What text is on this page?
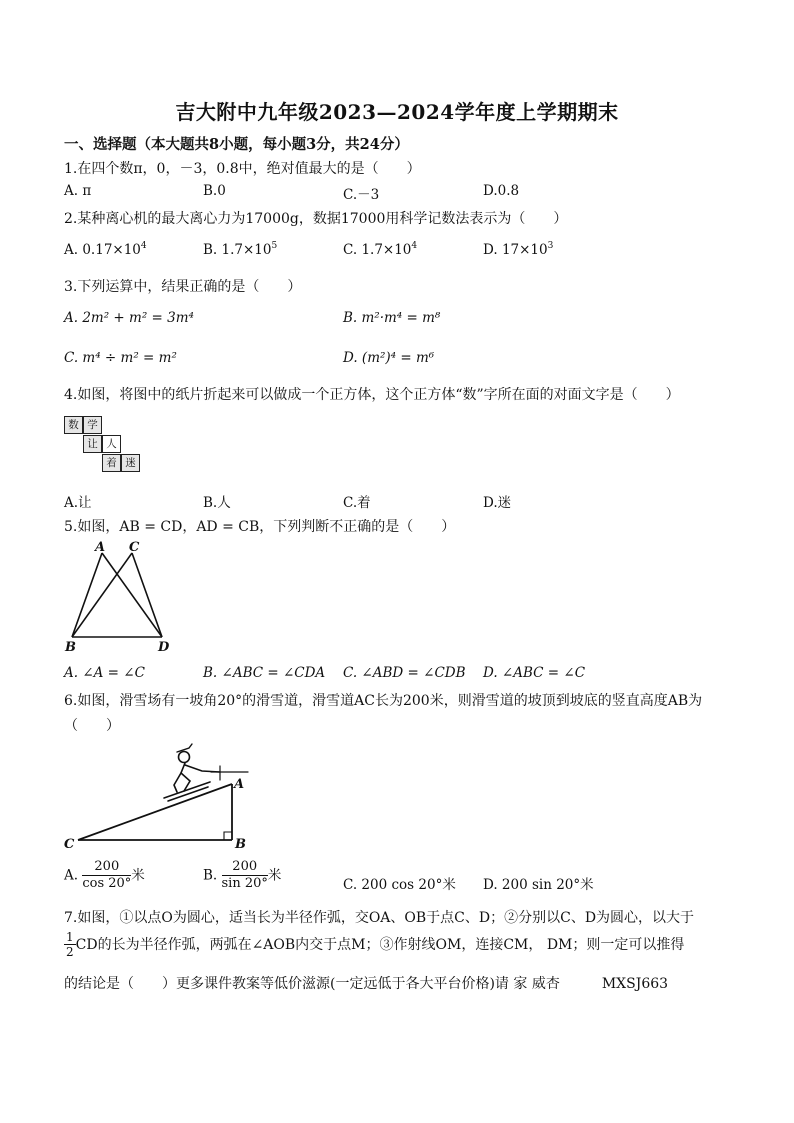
吉大附中九年级2023—2024学年度上学期期末
一、选择题（本大题共8小题，每小题3分，共24分）
1.在四个数π，0，－3，0.8中，绝对值最大的是（　　）
A. π	B.0	C.－3	D.0.8
2.某种离心机的最大离心力为17000g，数据17000用科学记数法表示为（　　）
A. $0.17\times 10^4$	B. $1.7\times 10^5$	C. $1.7\times 10^4$	D. $17\times 10^3$
3.下列运算中，结果正确的是（　　）
A. 2m² + m² = 3m⁴	B. m²·m⁴ = m⁸
C. m⁴ ÷ m² = m²	D. (m²)⁴ = m⁶
4.如图，将图中的纸片折起来可以做成一个正方体，这个正方体“数”字所在面的对面文字是（　　）
数 学
让 人
着 迷
A.让	B.人	C.着	D.迷
5.如图，AB = CD，AD = CB，下列判断不正确的是（　　）
A C
B	D
A. ∠A = ∠C	B. ∠ABC = ∠CDA C. ∠ABD = ∠CDB D. ∠ABC = ∠C
6.如图，滑雪场有一坡角20°的滑雪道，滑雪道AC长为200米，则滑雪道的坡顶到坡底的竖直高度AB为
（　　）
A
C	B
A. $\frac{200}{\cos 20^\circ}$ 米	B. $\frac{200}{\sin 20^\circ}$ 米
C. 200 cos 20°米 D. 200 sin 20°米
7.如图，①以点O为圆心，适当长为半径作弧，交OA、OB于点C、D；②分别以C、D为圆心，以大于
$\frac{1}{2}$ CD的长为半径作弧，两弧在∠AOB内交于点M；③作射线OM，连接CM， DM；则一定可以推得
的结论是（　　）更多课件教案等低价滋源(一定远低于各大平台价格)请 家 威杏　　　MXSJ663
